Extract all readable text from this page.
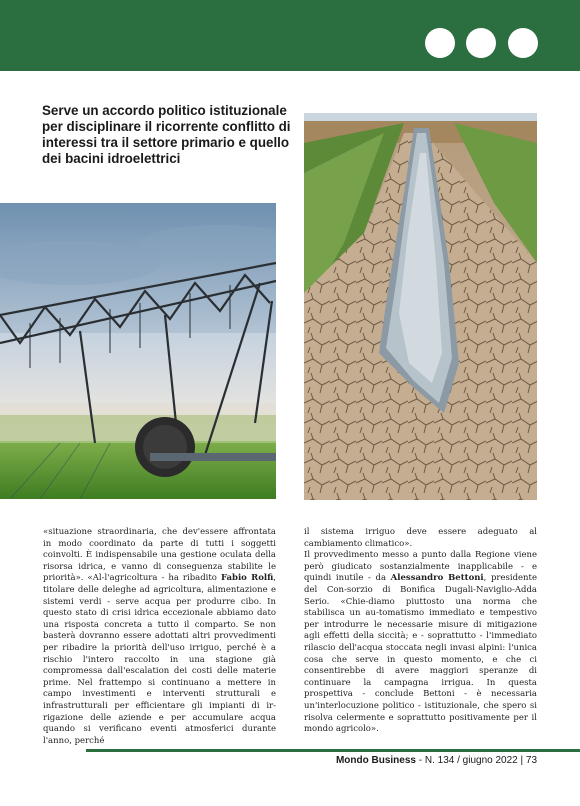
Serve un accordo politico istituzionale per disciplinare il ricorrente conflitto di interessi tra il settore primario e quello dei bacini idroelettrici

«situazione straordinaria, che dev'essere affrontata in modo coordinato da parte di tutti i soggetti coinvolti. È indispensabile una gestione oculata della risorsa idrica, e vanno di conseguenza stabilite le priorità». «Al-l'agricoltura - ha ribadito Fabio Rolfi, titolare delle deleghe ad agricoltura, alimentazione e sistemi verdi - serve acqua per produrre cibo. In questo stato di crisi idrica eccezionale abbiamo dato una risposta concreta a tutto il comparto. Se non basterà dovranno essere adottati altri provvedimenti per ribadire la priorità dell'uso irriguo, perché è a rischio l'intero raccolto in una stagione già compromessa dall'escalation dei costi delle materie prime. Nel frattempo si continuano a mettere in campo investimenti e interventi strutturali e infrastrutturali per efficientare gli impianti di ir-rigazione delle aziende e per accumulare acqua quando si verificano eventi atmosferici durante l'anno, perché

il sistema irriguo deve essere adeguato al cambiamento climatico».

Il provvedimento messo a punto dalla Regione viene però giudicato sostanzialmente inapplicabile - e quindi inutile - da Alessandro Bettoni, presidente del Con-sorzio di Bonifica Dugali-Naviglio-Adda Serio. «Chie-diamo piuttosto una norma che stabilisca un au-tomatismo immediato e tempestivo per introdurre le necessarie misure di mitigazione agli effetti della siccità; e - soprattutto - l'immediato rilascio dell'acqua stoccata negli invasi alpini: l'unica cosa che serve in questo momento, e che ci consentirebbe di avere maggiori speranze di continuare la campagna irrigua. In questa prospettiva - conclude Bettoni - è necessaria un'interlocuzione politico - istituzionale, che spero si risolva celermente e soprattutto positivamente per il mondo agricolo».

Mondo Business - N. 134 / giugno 2022 | 73
